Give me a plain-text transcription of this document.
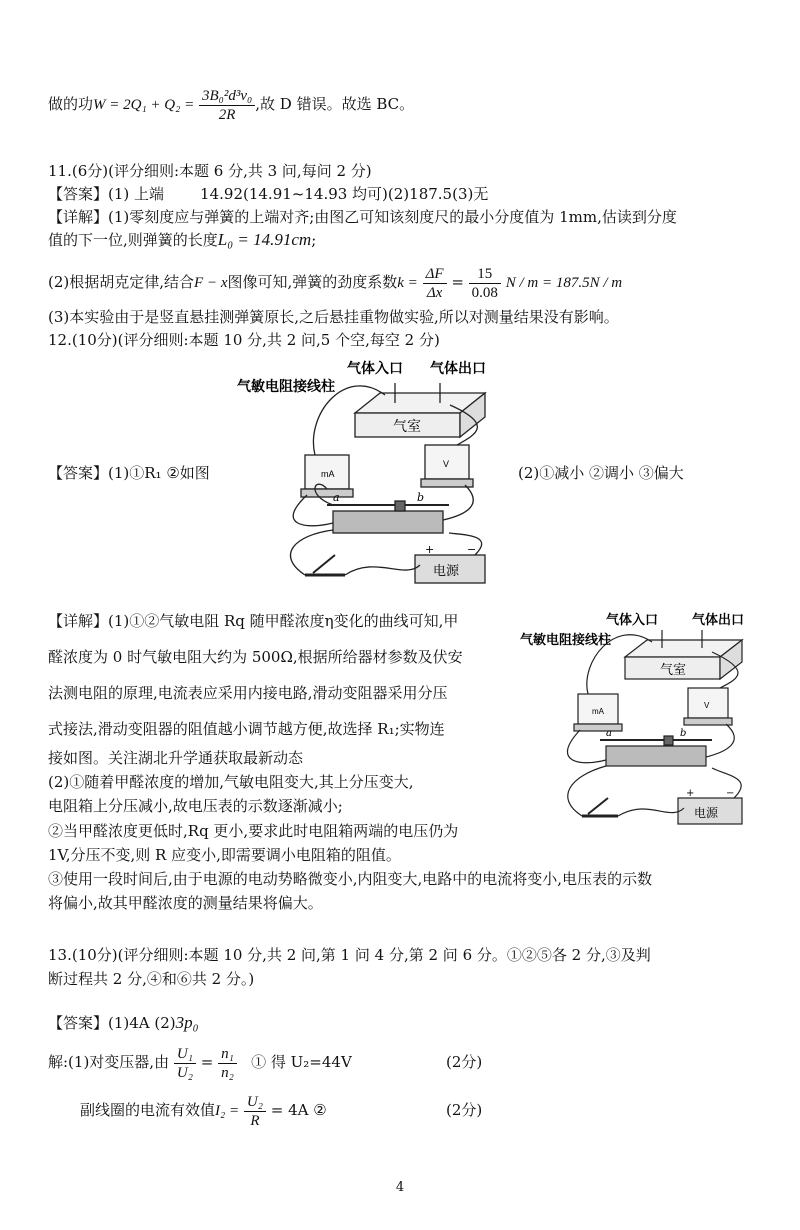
做的功$W = 2Q_1 + Q_2 = \frac{\text{3B₀²d³v₀}}{2R}$ ,故 D 错误。故选 BC。
11.(6分)(评分细则:本题 6 分,共 3 问,每问 2 分)
【答案】(1) 上端 14.92(14.91~14.93 均可)(2)187.5(3)无
【详解】(1)零刻度应与弹簧的上端对齐;由图乙可知该刻度尺的最小分度值为 1mm,估读到分度
值的下一位,则弹簧的长度L₀ = 14.91cm;
(2)根据胡克定律,结合F − x图像可知,弹簧的劲度系数$k = \frac{\Delta F}{\Delta x} = \frac{15}{0.08}$ N / m = 187.5N / m
(3)本实验由于是竖直悬挂测弹簧原长,之后悬挂重物做实验,所以对测量结果没有影响。
12.(10分)(评分细则:本题 10 分,共 2 问,5 个空,每空 2 分)
气体入口 气体出口
气敏电阻接线柱
气室
mA
V
a	b
+	−
电源
【答案】(1)①R₁ ②如图	(2)①减小 ②调小 ③偏大
气体入口	气体出口
气敏电阻接线柱
气室
mA
V
a	b
+	−
电源
【详解】(1)①②气敏电阻 Rq 随甲醛浓度η变化的曲线可知,甲
醛浓度为 0 时气敏电阻大约为 500Ω,根据所给器材参数及伏安
法测电阻的原理,电流表应采用内接电路,滑动变阻器采用分压
式接法,滑动变阻器的阻值越小调节越方便,故选择 R₁;实物连
接如图。关注湖北升学通获取最新动态
(2)①随着甲醛浓度的增加,气敏电阻变大,其上分压变大,
电阻箱上分压减小,故电压表的示数逐渐减小;
②当甲醛浓度更低时,Rq 更小,要求此时电阻箱两端的电压仍为
1V,分压不变,则 R 应变小,即需要调小电阻箱的阻值。
③使用一段时间后,由于电源的电动势略微变小,内阻变大,电路中的电流将变小,电压表的示数
将偏小,故其甲醛浓度的测量结果将偏大。
13.(10分)(评分细则:本题 10 分,共 2 问,第 1 问 4 分,第 2 问 6 分。①②⑤各 2 分,③及判
断过程共 2 分,④和⑥共 2 分。)
【答案】(1)4A (2)3p₀
解:(1)对变压器,由 $\frac{\text{U₁}}{\text{U₂}} = \frac{\text{n₁}}{\text{n₂}}$ ① 得 U₂=44V	(2分)
副线圈的电流有效值$I_2 = \frac{\text{U₂}}{R} = 4A$ ②	(2分)
4
